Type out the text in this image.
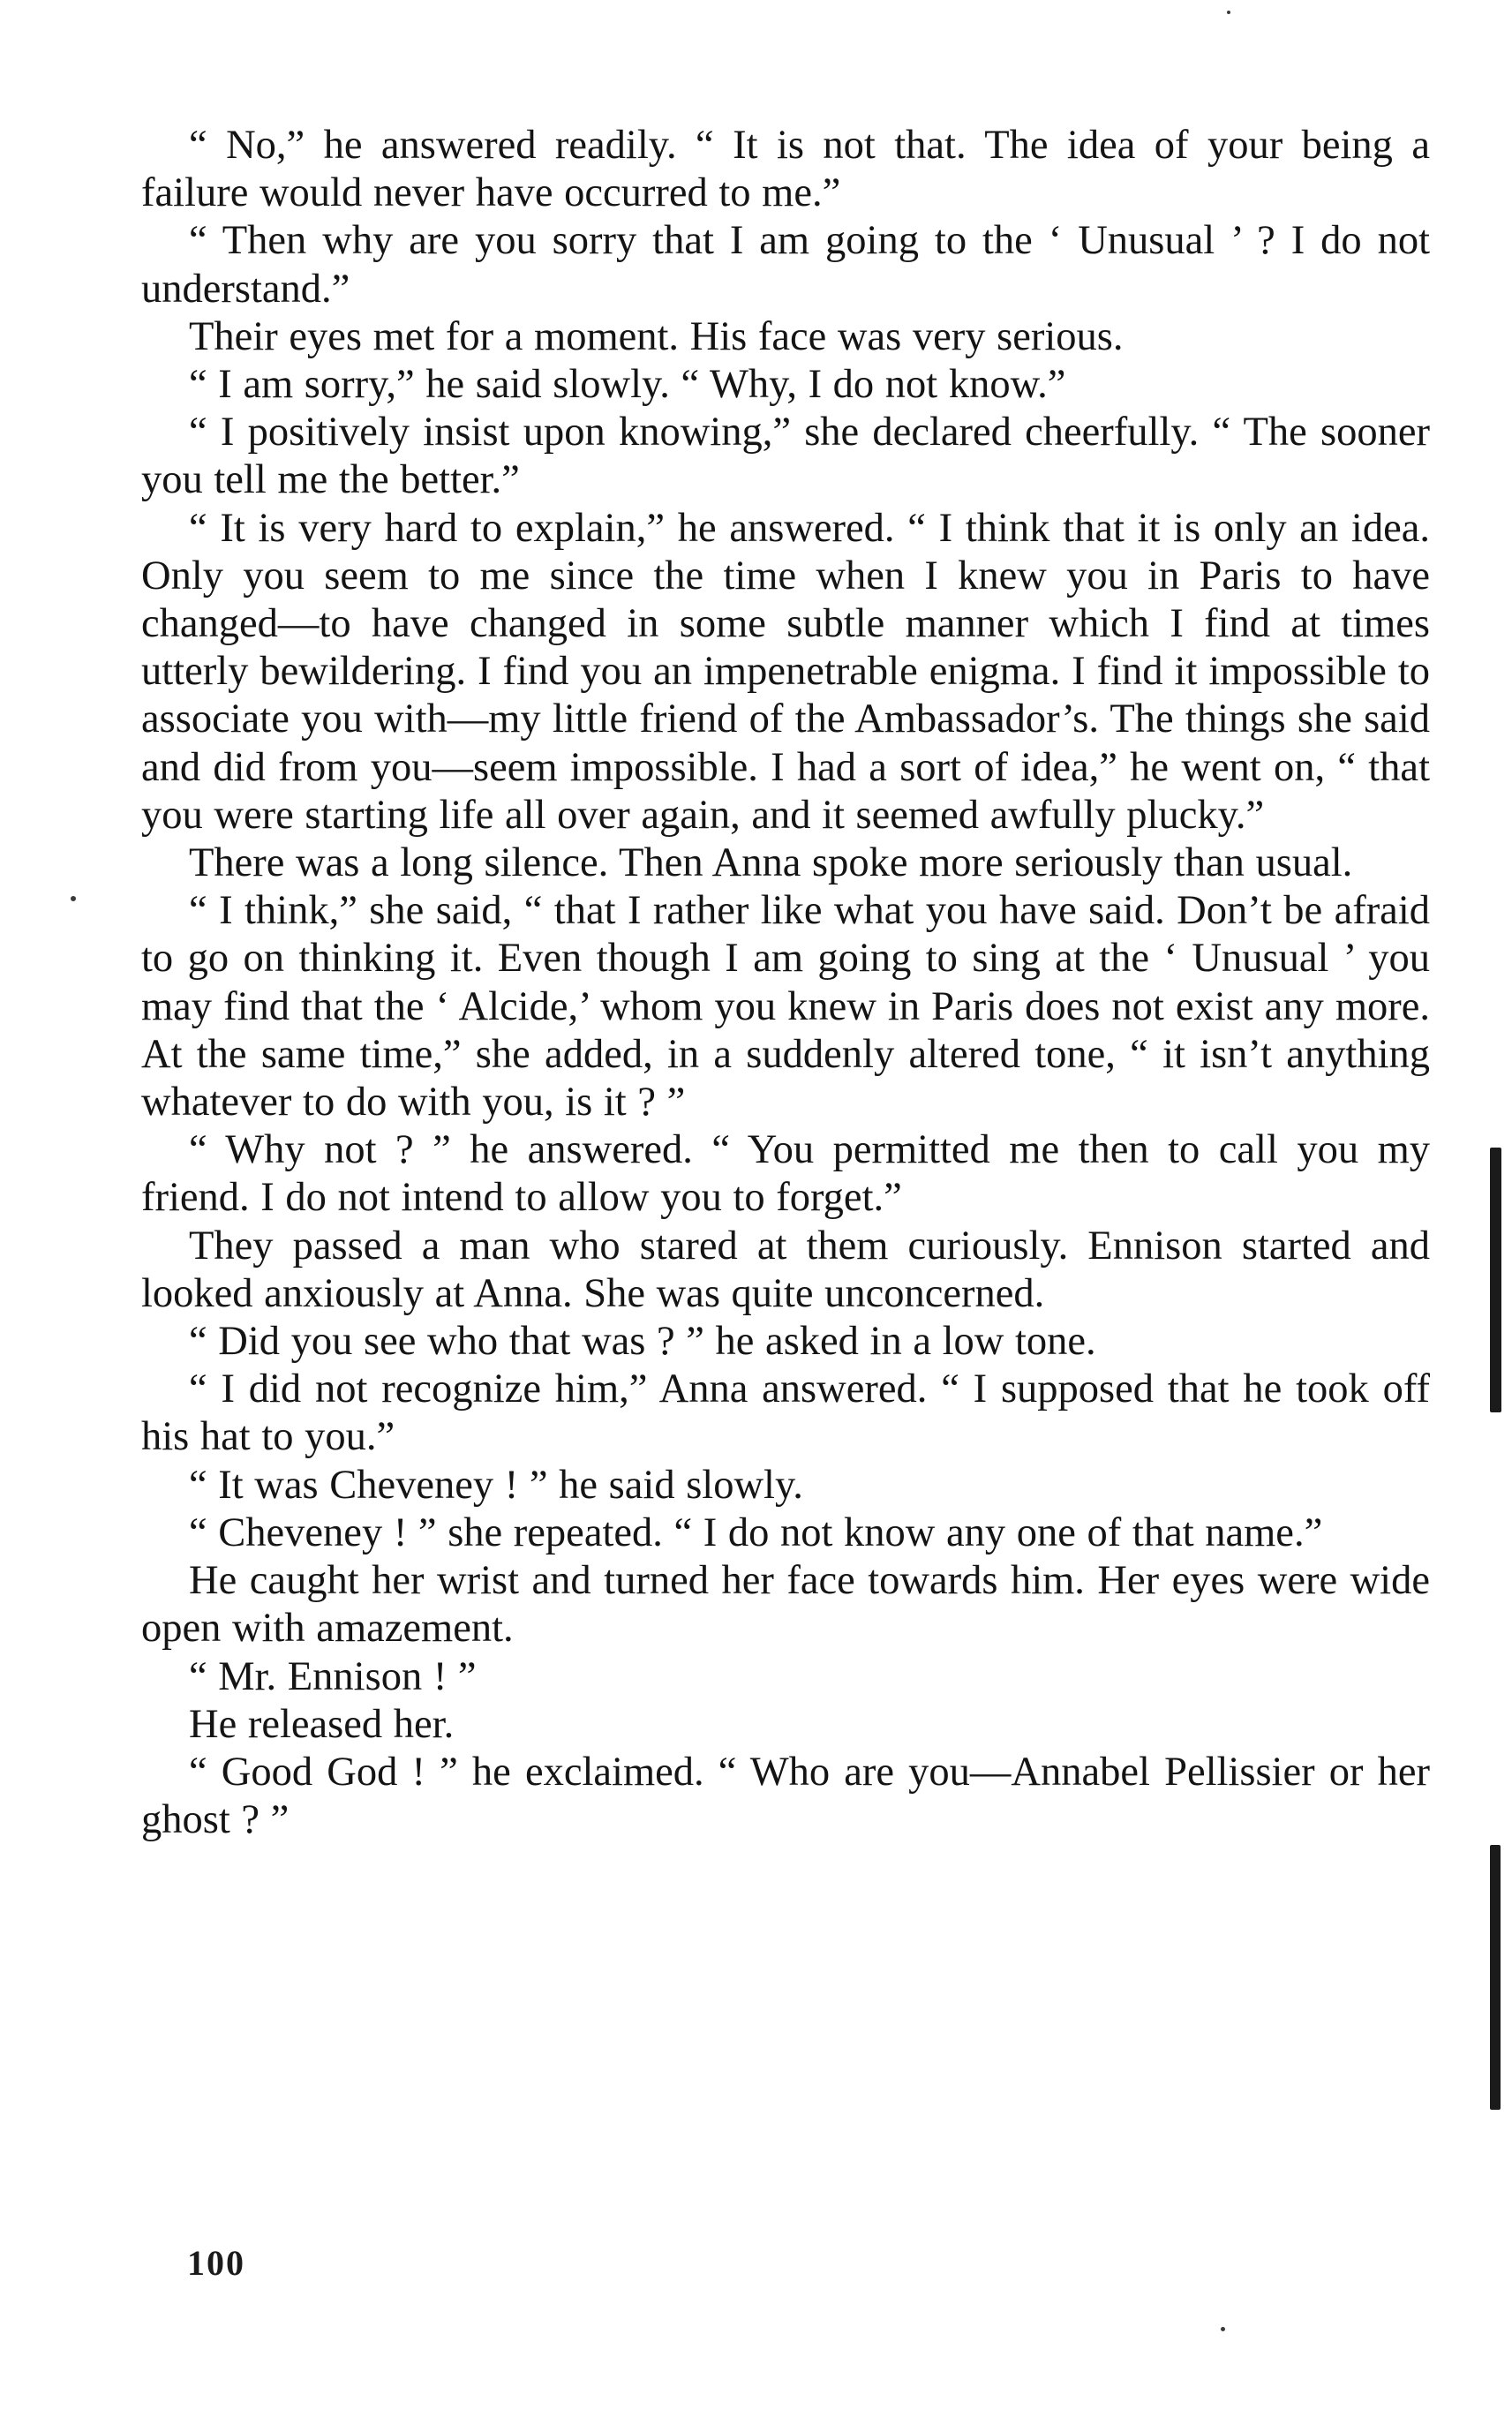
“ No,” he answered readily. “ It is not that. The idea of your being a failure would never have occurred to me.”

“ Then why are you sorry that I am going to the ‘ Unusual ’ ? I do not understand.”

Their eyes met for a moment. His face was very serious.

“ I am sorry,” he said slowly. “ Why, I do not know.”

“ I positively insist upon knowing,” she declared cheerfully. “ The sooner you tell me the better.”

“ It is very hard to explain,” he answered. “ I think that it is only an idea. Only you seem to me since the time when I knew you in Paris to have changed—to have changed in some subtle manner which I find at times utterly bewildering. I find you an impenetrable enigma. I find it impossible to associate you with—my little friend of the Ambassador’s. The things she said and did from you—seem impossible. I had a sort of idea,” he went on, “ that you were starting life all over again, and it seemed awfully plucky.”

There was a long silence. Then Anna spoke more seriously than usual.

“ I think,” she said, “ that I rather like what you have said. Don’t be afraid to go on thinking it. Even though I am going to sing at the ‘ Unusual ’ you may find that the ‘ Alcide,’ whom you knew in Paris does not exist any more. At the same time,” she added, in a suddenly altered tone, “ it isn’t anything whatever to do with you, is it ? ”

“ Why not ? ” he answered. “ You permitted me then to call you my friend. I do not intend to allow you to forget.”

They passed a man who stared at them curiously. Ennison started and looked anxiously at Anna. She was quite unconcerned.

“ Did you see who that was ? ” he asked in a low tone.

“ I did not recognize him,” Anna answered. “ I supposed that he took off his hat to you.”

“ It was Cheveney ! ” he said slowly.

“ Cheveney ! ” she repeated. “ I do not know any one of that name.”

He caught her wrist and turned her face towards him. Her eyes were wide open with amazement.

“ Mr. Ennison ! ”

He released her.

“ Good God ! ” he exclaimed. “ Who are you—Annabel Pellissier or her ghost ? ”

100
